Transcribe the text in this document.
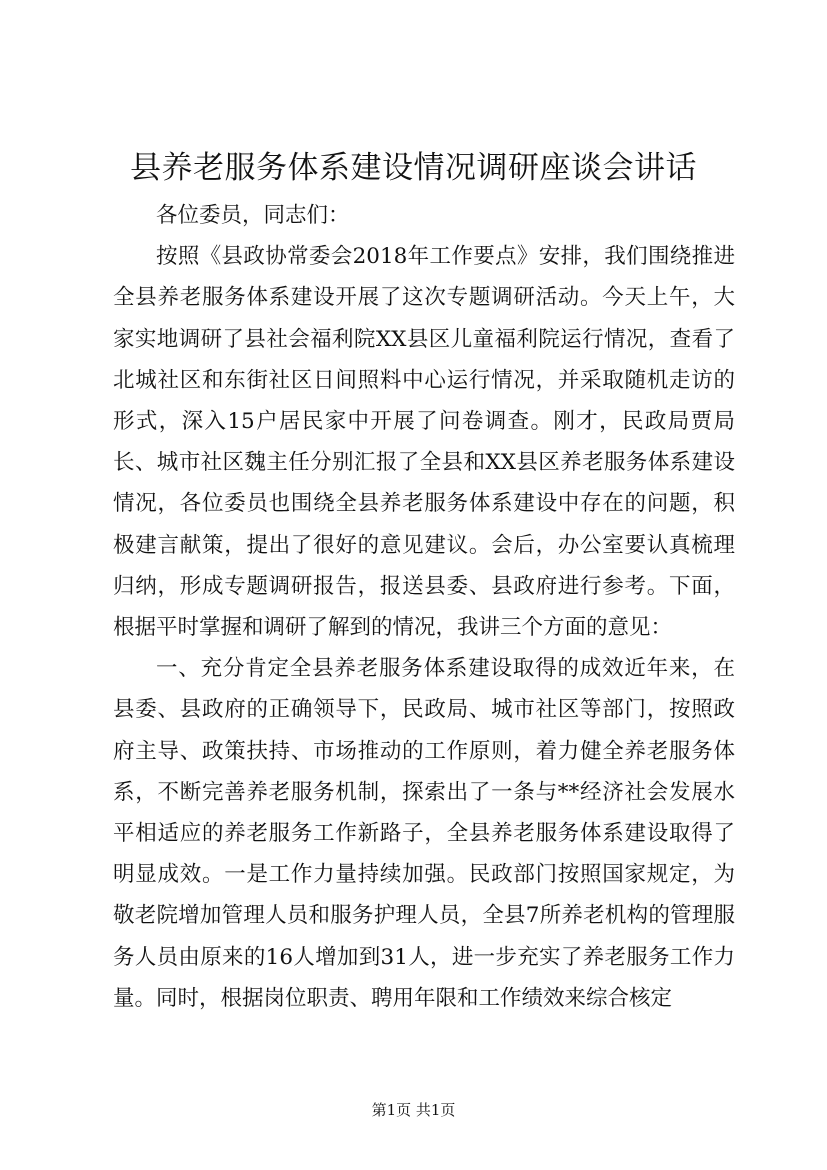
县养老服务体系建设情况调研座谈会讲话

各位委员，同志们：

按照《县政协常委会2018年工作要点》安排，我们围绕推进全县养老服务体系建设开展了这次专题调研活动。今天上午，大家实地调研了县社会福利院XX县区儿童福利院运行情况，查看了北城社区和东街社区日间照料中心运行情况，并采取随机走访的形式，深入15户居民家中开展了问卷调查。刚才，民政局贾局长、城市社区魏主任分别汇报了全县和XX县区养老服务体系建设情况，各位委员也围绕全县养老服务体系建设中存在的问题，积极建言献策，提出了很好的意见建议。会后，办公室要认真梳理归纳，形成专题调研报告，报送县委、县政府进行参考。下面，根据平时掌握和调研了解到的情况，我讲三个方面的意见：

一、充分肯定全县养老服务体系建设取得的成效近年来，在县委、县政府的正确领导下，民政局、城市社区等部门，按照政府主导、政策扶持、市场推动的工作原则，着力健全养老服务体系，不断完善养老服务机制，探索出了一条与**经济社会发展水平相适应的养老服务工作新路子，全县养老服务体系建设取得了明显成效。一是工作力量持续加强。民政部门按照国家规定，为敬老院增加管理人员和服务护理人员，全县7所养老机构的管理服务人员由原来的16人增加到31人，进一步充实了养老服务工作力量。同时，根据岗位职责、聘用年限和工作绩效来综合核定

第1页 共1页
